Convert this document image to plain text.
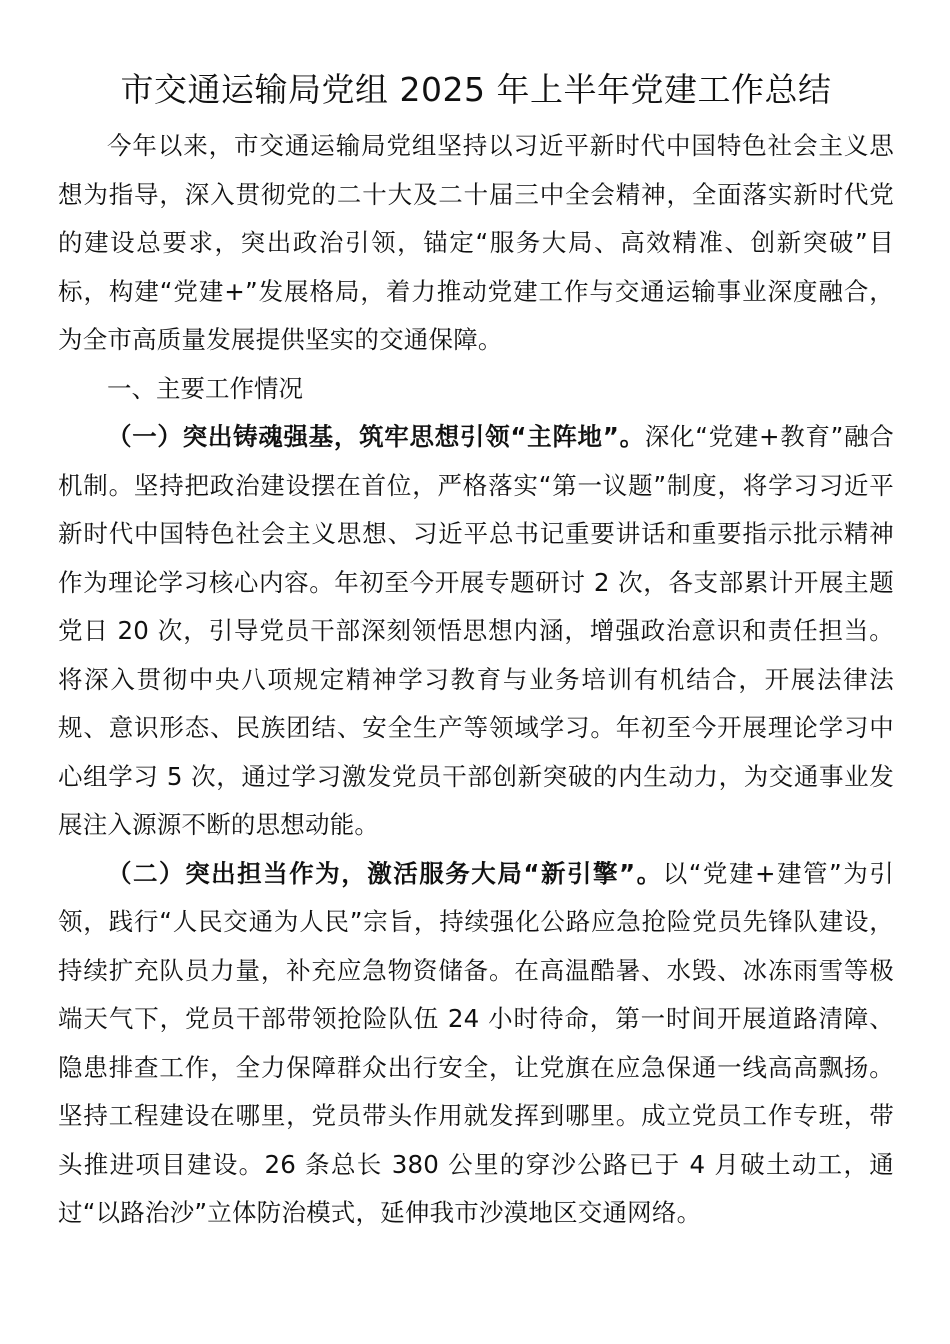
市交通运输局党组 2025 年上半年党建工作总结

今年以来，市交通运输局党组坚持以习近平新时代中国特色社会主义思想为指导，深入贯彻党的二十大及二十届三中全会精神，全面落实新时代党的建设总要求，突出政治引领，锚定“服务大局、高效精准、创新突破”目标，构建“党建+”发展格局，着力推动党建工作与交通运输事业深度融合，为全市高质量发展提供坚实的交通保障。

一、主要工作情况

（一）突出铸魂强基，筑牢思想引领“主阵地”。深化“党建+教育”融合机制。坚持把政治建设摆在首位，严格落实“第一议题”制度，将学习习近平新时代中国特色社会主义思想、习近平总书记重要讲话和重要指示批示精神作为理论学习核心内容。年初至今开展专题研讨 2 次，各支部累计开展主题党日 20 次，引导党员干部深刻领悟思想内涵，增强政治意识和责任担当。将深入贯彻中央八项规定精神学习教育与业务培训有机结合，开展法律法规、意识形态、民族团结、安全生产等领域学习。年初至今开展理论学习中心组学习 5 次，通过学习激发党员干部创新突破的内生动力，为交通事业发展注入源源不断的思想动能。

（二）突出担当作为，激活服务大局“新引擎”。以“党建+建管”为引领，践行“人民交通为人民”宗旨，持续强化公路应急抢险党员先锋队建设，持续扩充队员力量，补充应急物资储备。在高温酷暑、水毁、冰冻雨雪等极端天气下，党员干部带领抢险队伍 24 小时待命，第一时间开展道路清障、隐患排查工作，全力保障群众出行安全，让党旗在应急保通一线高高飘扬。坚持工程建设在哪里，党员带头作用就发挥到哪里。成立党员工作专班，带头推进项目建设。26 条总长 380 公里的穿沙公路已于 4 月破土动工，通过“以路治沙”立体防治模式，延伸我市沙漠地区交通网络。
